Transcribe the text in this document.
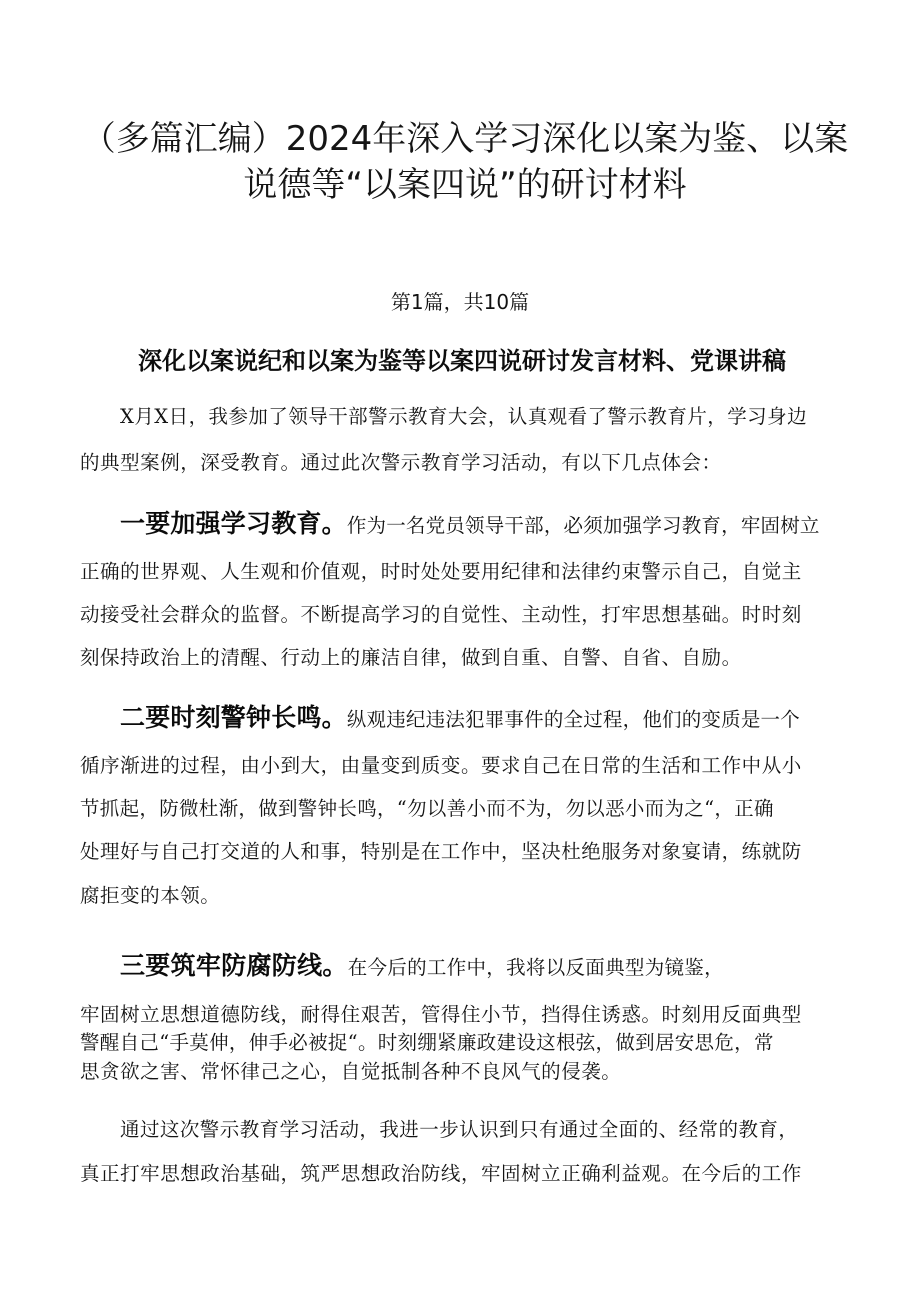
（多篇汇编）2024年深入学习深化以案为鉴、以案
说德等“以案四说”的研讨材料
第1篇，共10篇
深化以案说纪和以案为鉴等以案四说研讨发言材料、党课讲稿
X月X日，我参加了领导干部警示教育大会，认真观看了警示教育片，学习身边
的典型案例，深受教育。通过此次警示教育学习活动，有以下几点体会：
一要加强学习教育。作为一名党员领导干部，必须加强学习教育，牢固树立
正确的世界观、人生观和价值观，时时处处要用纪律和法律约束警示自己，自觉主
动接受社会群众的监督。不断提高学习的自觉性、主动性，打牢思想基础。时时刻
刻保持政治上的清醒、行动上的廉洁自律，做到自重、自警、自省、自励。
二要时刻警钟长鸣。纵观违纪违法犯罪事件的全过程，他们的变质是一个
循序渐进的过程，由小到大，由量变到质变。要求自己在日常的生活和工作中从小
节抓起，防微杜渐，做到警钟长鸣，“勿以善小而不为，勿以恶小而为之“，正确
处理好与自己打交道的人和事，特别是在工作中，坚决杜绝服务对象宴请，练就防
腐拒变的本领。
三要筑牢防腐防线。在今后的工作中，我将以反面典型为镜鉴，
牢固树立思想道德防线，耐得住艰苦，管得住小节，挡得住诱惑。时刻用反面典型
警醒自己“手莫伸，伸手必被捉“。时刻绷紧廉政建设这根弦，做到居安思危，常
思贪欲之害、常怀律己之心，自觉抵制各种不良风气的侵袭。
通过这次警示教育学习活动，我进一步认识到只有通过全面的、经常的教育，
真正打牢思想政治基础，筑严思想政治防线，牢固树立正确利益观。在今后的工作
